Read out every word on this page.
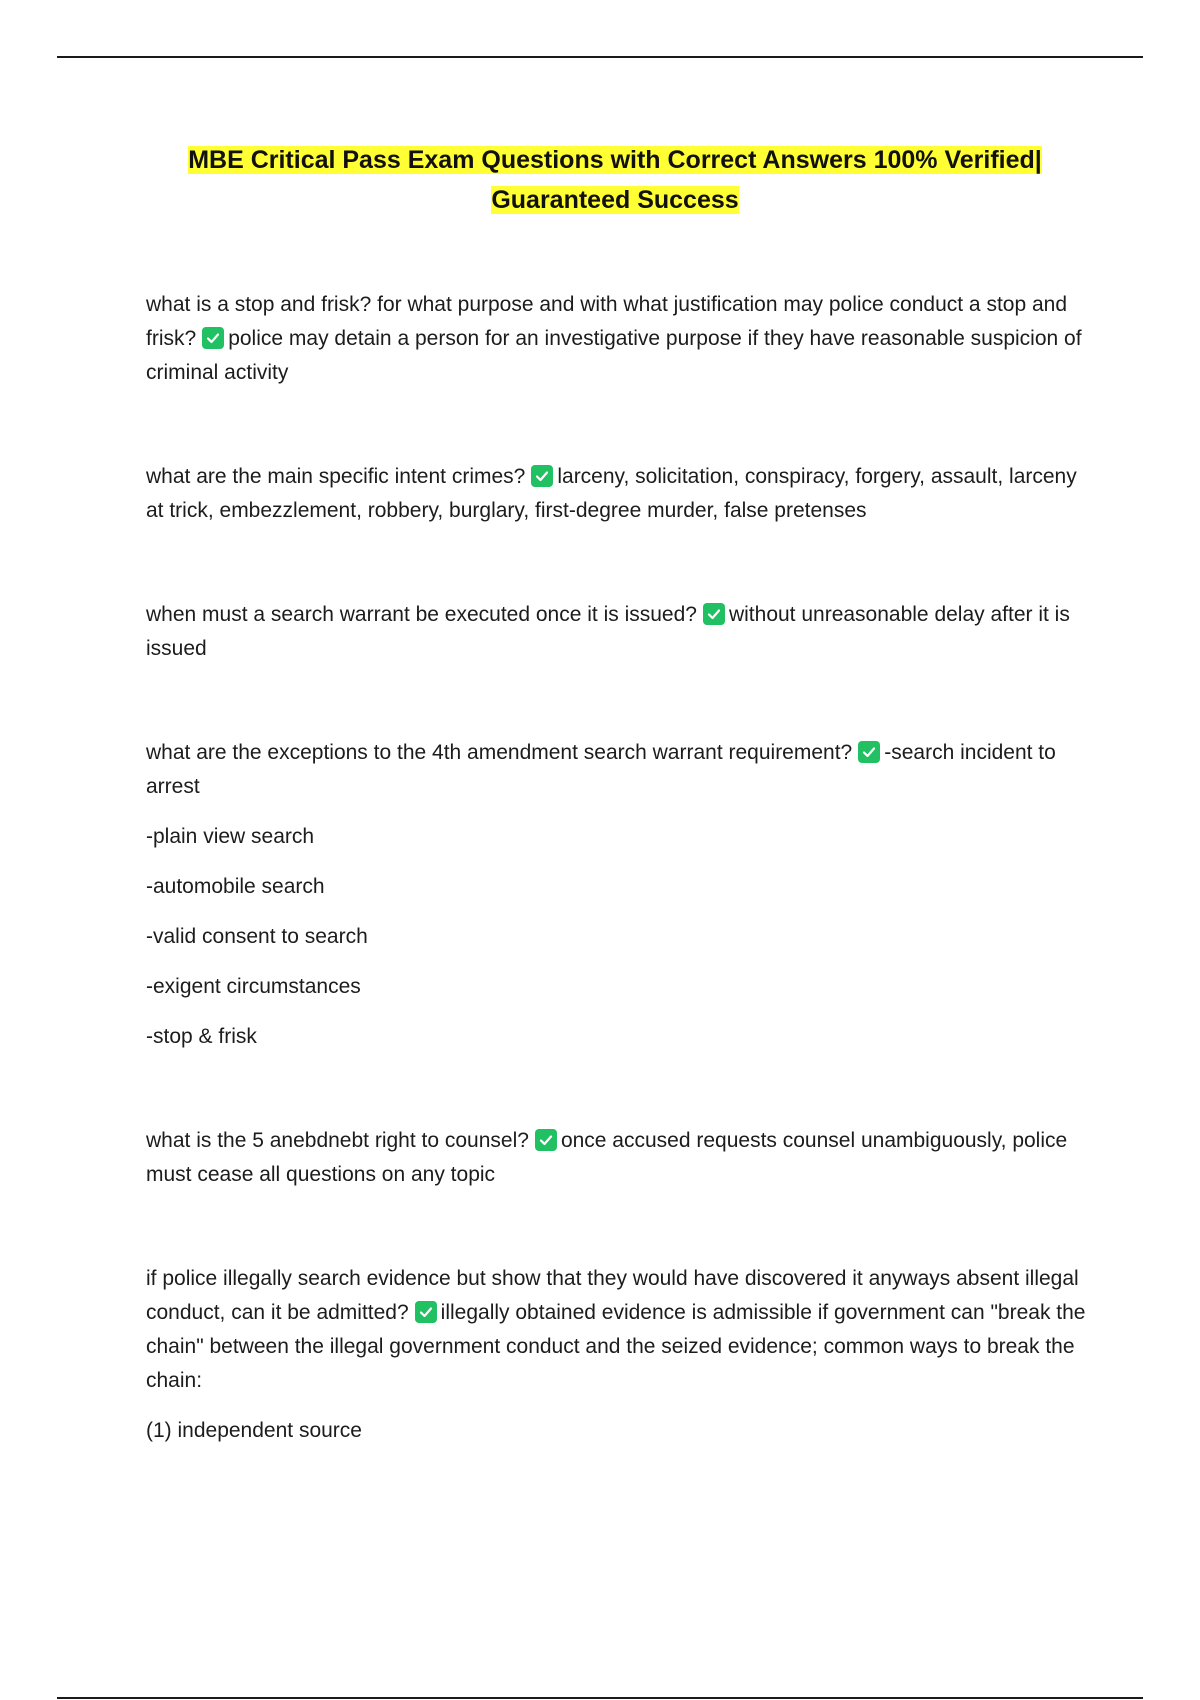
MBE Critical Pass Exam Questions with Correct Answers 100% Verified|
Guaranteed Success

what is a stop and frisk? for what purpose and with what justification may police conduct a stop and frisk? police may detain a person for an investigative purpose if they have reasonable suspicion of criminal activity

what are the main specific intent crimes? larceny, solicitation, conspiracy, forgery, assault, larceny at trick, embezzlement, robbery, burglary, first-degree murder, false pretenses

when must a search warrant be executed once it is issued? without unreasonable delay after it is issued

what are the exceptions to the 4th amendment search warrant requirement? -search incident to arrest

-plain view search

-automobile search

-valid consent to search

-exigent circumstances

-stop & frisk

what is the 5 anebdnebt right to counsel? once accused requests counsel unambiguously, police must cease all questions on any topic

if police illegally search evidence but show that they would have discovered it anyways absent illegal conduct, can it be admitted? illegally obtained evidence is admissible if government can "break the chain" between the illegal government conduct and the seized evidence; common ways to break the chain:

(1) independent source
